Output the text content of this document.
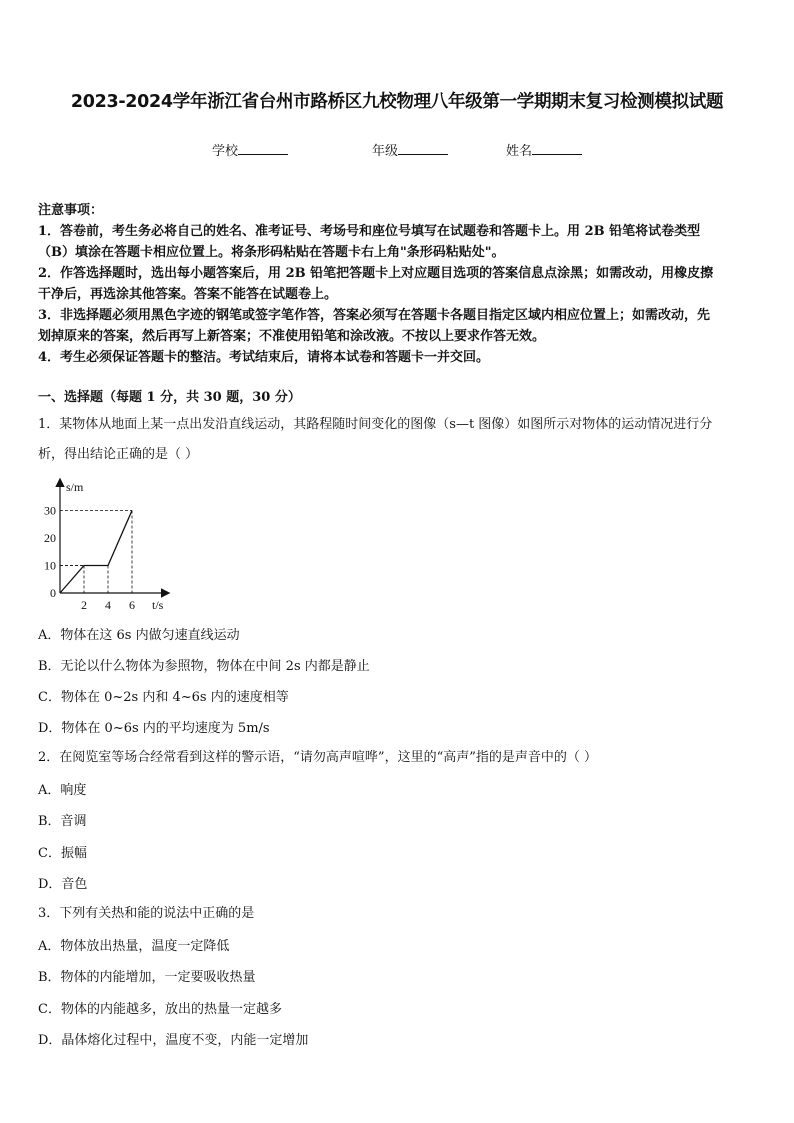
2023-2024学年浙江省台州市路桥区九校物理八年级第一学期期末复习检测模拟试题
学校	年级	姓名

注意事项：

1．答卷前，考生务必将自己的姓名、准考证号、考场号和座位号填写在试题卷和答题卡上。用 2B 铅笔将试卷类型

（B）填涂在答题卡相应位置上。将条形码粘贴在答题卡右上角"条形码粘贴处"。

2．作答选择题时，选出每小题答案后，用 2B 铅笔把答题卡上对应题目选项的答案信息点涂黑；如需改动，用橡皮擦

干净后，再选涂其他答案。答案不能答在试题卷上。

3．非选择题必须用黑色字迹的钢笔或签字笔作答，答案必须写在答题卡各题目指定区域内相应位置上；如需改动，先

划掉原来的答案，然后再写上新答案；不准使用铅笔和涂改液。不按以上要求作答无效。

4．考生必须保证答题卡的整洁。考试结束后，请将本试卷和答题卡一并交回。

一、选择题（每题 1 分，共 30 题，30 分）
1．某物体从地面上某一点出发沿直线运动，其路程随时间变化的图像（s—t 图像）如图所示对物体的运动情况进行分
析，得出结论正确的是（ ）
s/m
t/s
0
10
20
30
2 4 6
A．物体在这 6s 内做匀速直线运动
B．无论以什么物体为参照物，物体在中间 2s 内都是静止
C．物体在 0~2s 内和 4~6s 内的速度相等
D．物体在 0~6s 内的平均速度为 5m/s
2．在阅览室等场合经常看到这样的警示语，“请勿高声喧哗”，这里的“高声”指的是声音中的（ ）
A．响度
B．音调
C．振幅
D．音色
3．下列有关热和能的说法中正确的是
A．物体放出热量，温度一定降低
B．物体的内能增加，一定要吸收热量
C．物体的内能越多，放出的热量一定越多
D．晶体熔化过程中，温度不变，内能一定增加
